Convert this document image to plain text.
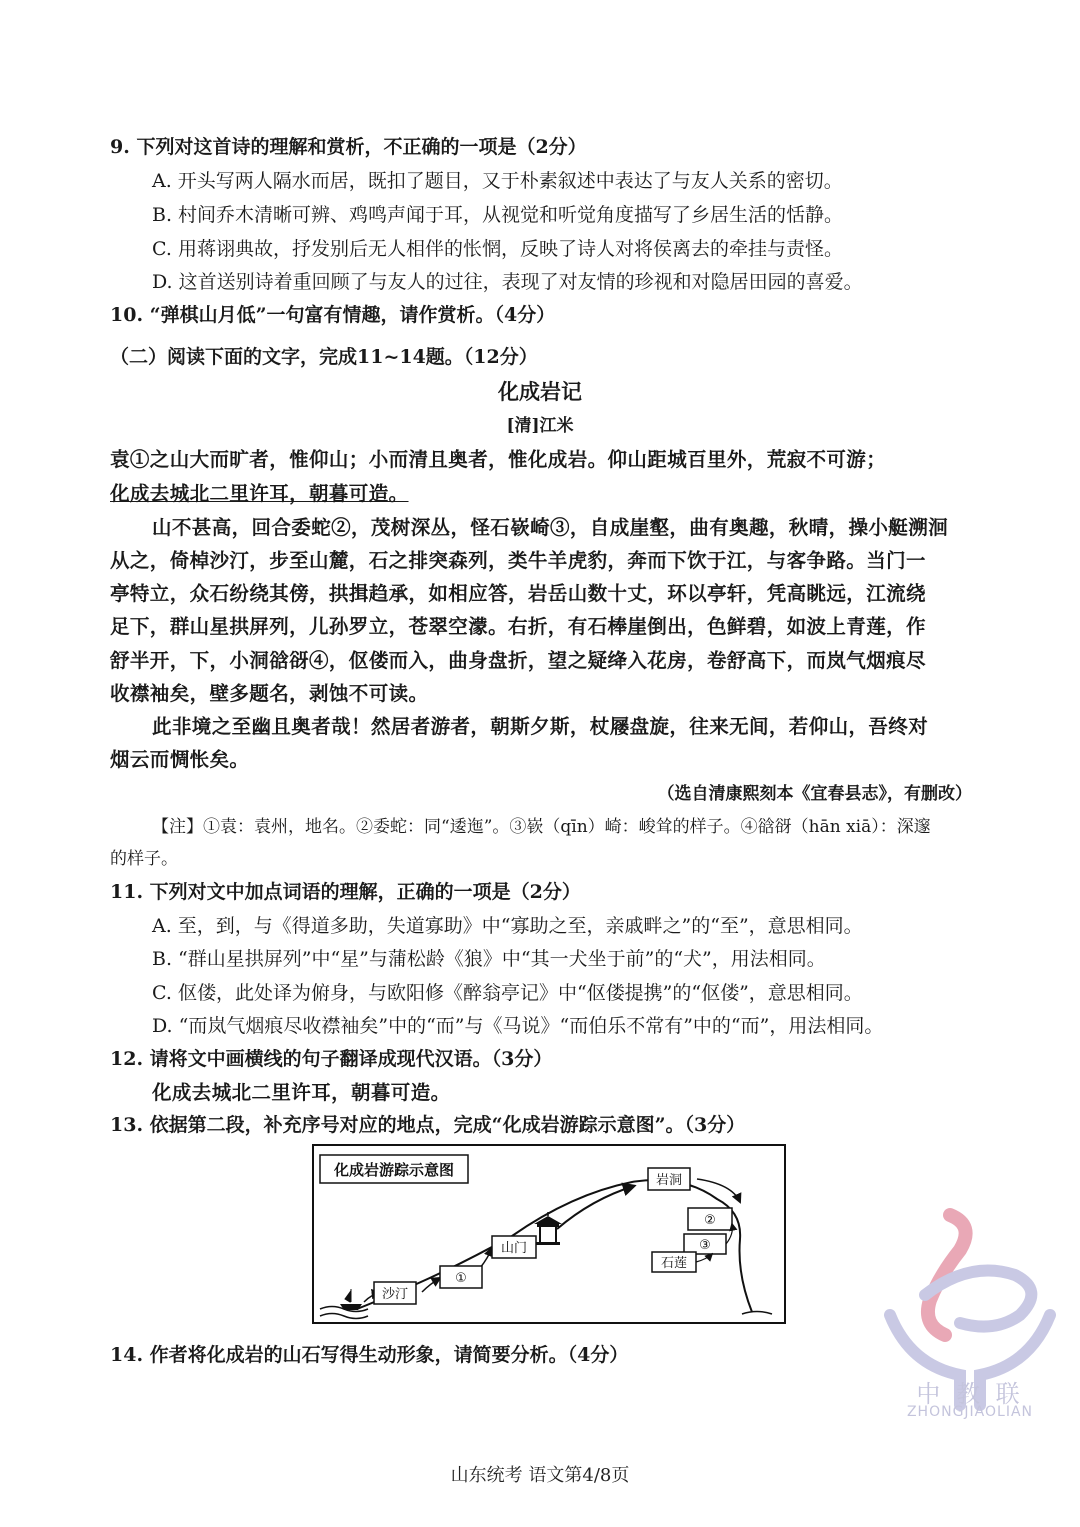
9. 下列对这首诗的理解和赏析，不正确的一项是（2分）
A. 开头写两人隔水而居，既扣了题目，又于朴素叙述中表达了与友人关系的密切。
B. 村间乔木清晰可辨、鸡鸣声闻于耳，从视觉和听觉角度描写了乡居生活的恬静。
C. 用蒋诩典故，抒发别后无人相伴的怅惘，反映了诗人对将侯离去的牵挂与责怪。
D. 这首送别诗着重回顾了与友人的过往，表现了对友情的珍视和对隐居田园的喜爱。
10. “弹棋山月低”一句富有情趣，请作赏析。（4分）
（二）阅读下面的文字，完成11~14题。（12分）
化成岩记
[清]江米
袁①之山大而旷者，惟仰山；小而清且奥者，惟化成岩。仰山距城百里外，荒寂不可游；
化成去城北二里许耳，朝暮可造。
山不甚高，回合委蛇②，茂树深丛，怪石嵚崎③，自成崖壑，曲有奥趣，秋晴，操小艇溯洄
从之，倚棹沙汀，步至山麓，石之排突森列，类牛羊虎豹，奔而下饮于江，与客争路。当门一
亭特立，众石纷绕其傍，拱揖趋承，如相应答，岩岳山数十丈，环以亭轩，凭高眺远，江流绕
足下，群山星拱屏列，儿孙罗立，苍翠空濛。右折，有石棒崖倒出，色鲜碧，如波上青莲，作
舒半开，下，小洞谽谺④，伛偻而入，曲身盘折，望之疑绛入花房，卷舒高下，而岚气烟痕尽
收襟袖矣，壁多题名，剥蚀不可读。
此非境之至幽且奥者哉！然居者游者，朝斯夕斯，杖屦盘旋，往来无间，若仰山，吾终对
烟云而惆怅矣。
（选自清康熙刻本《宜春县志》，有删改）
【注】①袁：袁州，地名。②委蛇：同“逶迤”。③嵚（qīn）崎：峻耸的样子。④谽谺（hān xiā）：深邃
的样子。
11. 下列对文中加点词语的理解，正确的一项是（2分）
A. 至，到，与《得道多助，失道寡助》中“寡助之至，亲戚畔之”的“至”，意思相同。
B. “群山星拱屏列”中“星”与蒲松龄《狼》中“其一犬坐于前”的“犬”，用法相同。
C. 伛偻，此处译为俯身，与欧阳修《醉翁亭记》中“伛偻提携”的“伛偻”，意思相同。
D. “而岚气烟痕尽收襟袖矣”中的“而”与《马说》“而伯乐不常有”中的“而”，用法相同。
12. 请将文中画横线的句子翻译成现代汉语。（3分）
化成去城北二里许耳，朝暮可造。
13. 依据第二段，补充序号对应的地点，完成“化成岩游踪示意图”。（3分）
化成岩游踪示意图
沙汀
①
山门
岩洞
②
③
石莲
14. 作者将化成岩的山石写得生动形象，请简要分析。（4分）
中 教 联
ZHONGJIAOLIAN
山东统考 语文第4/8页
